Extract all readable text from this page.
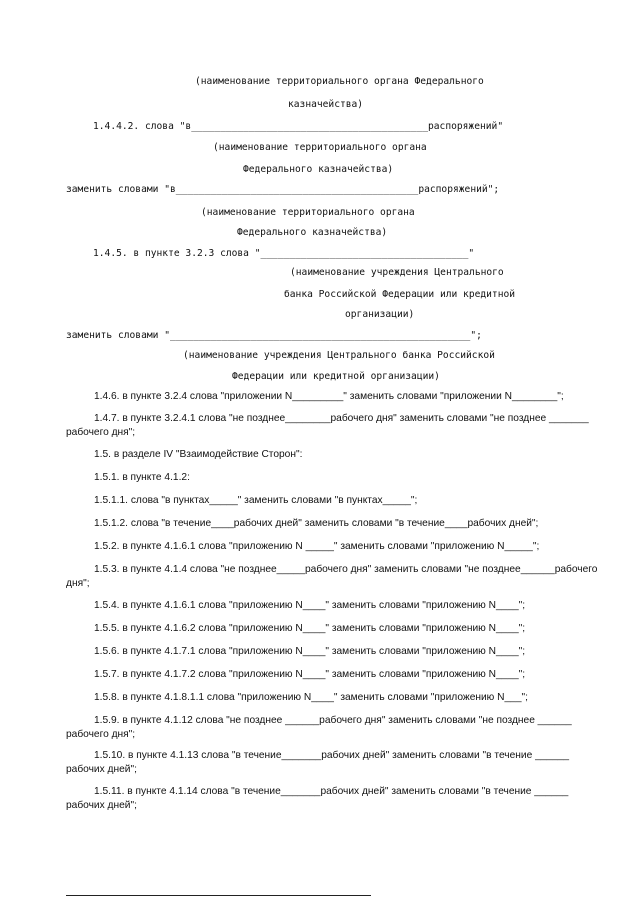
(наименование территориального органа Федерального
казначейства)
1.4.4.2. слова "в_________________________________________распоряжений"
(наименование территориального органа
Федерального казначейства)
заменить словами "в__________________________________________распоряжений";
(наименование территориального органа
Федерального казначейства)
1.4.5. в пункте 3.2.3 слова "____________________________________"
(наименование учреждения Центрального
банка Российской Федерации или кредитной
организации)
заменить словами "____________________________________________________";
(наименование учреждения Центрального банка Российской
Федерации или кредитной организации)
1.4.6. в пункте 3.2.4 слова "приложении N_________" заменить словами "приложении N________";
1.4.7. в пункте 3.2.4.1 слова "не позднее________рабочего дня" заменить словами "не позднее _______
рабочего дня";
1.5. в разделе IV "Взаимодействие Сторон":
1.5.1. в пункте 4.1.2:
1.5.1.1. слова "в пунктах_____" заменить словами "в пунктах_____";
1.5.1.2. слова "в течение____рабочих дней" заменить словами "в течение____рабочих дней";
1.5.2. в пункте 4.1.6.1 слова "приложению N _____" заменить словами "приложению N_____";
1.5.3. в пункте 4.1.4 слова "не позднее_____рабочего дня" заменить словами "не позднее______рабочего
дня";
1.5.4. в пункте 4.1.6.1 слова "приложению N____" заменить словами "приложению N____";
1.5.5. в пункте 4.1.6.2 слова "приложению N____" заменить словами "приложению N____";
1.5.6. в пункте 4.1.7.1 слова "приложению N____" заменить словами "приложению N____";
1.5.7. в пункте 4.1.7.2 слова "приложению N____" заменить словами "приложению N____";
1.5.8. в пункте 4.1.8.1.1 слова "приложению N____" заменить словами "приложению N___";
1.5.9. в пункте 4.1.12 слова "не позднее ______рабочего дня" заменить словами "не позднее ______
рабочего дня";
1.5.10. в пункте 4.1.13 слова "в течение_______рабочих дней" заменить словами "в течение ______
рабочих дней";
1.5.11. в пункте 4.1.14 слова "в течение_______рабочих дней" заменить словами "в течение ______
рабочих дней";
